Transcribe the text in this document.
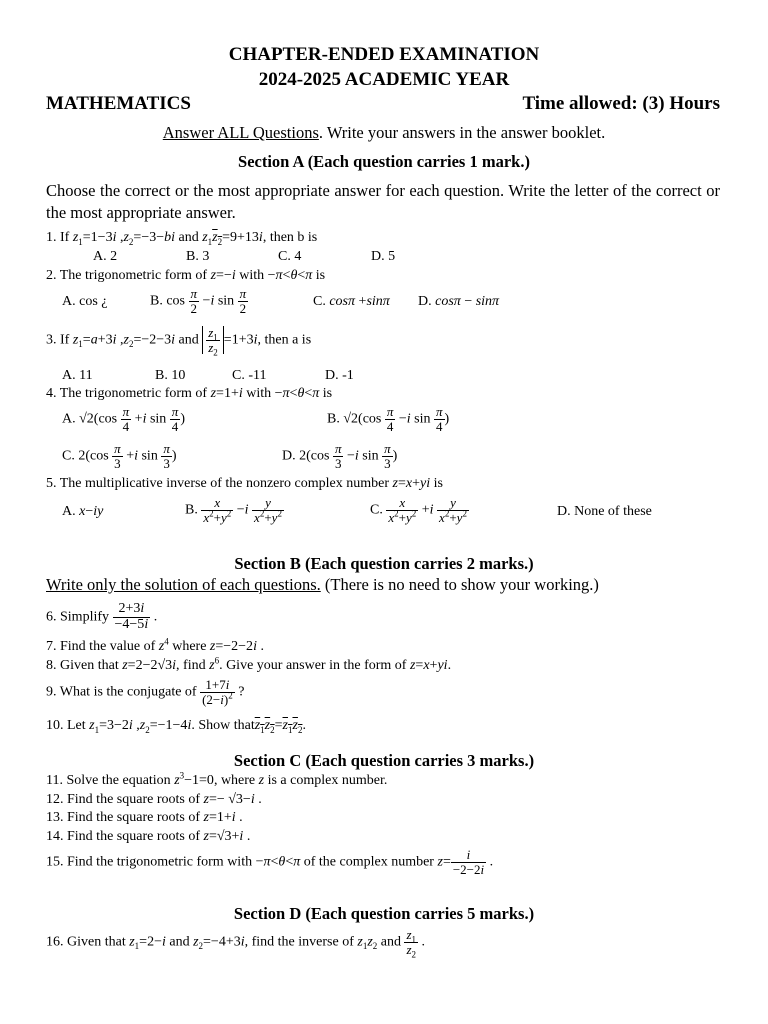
CHAPTER-ENDED EXAMINATION
2024-2025 ACADEMIC YEAR
MATHEMATICS	Time allowed: (3) Hours
Answer ALL Questions. Write your answers in the answer booklet.
Section A (Each question carries 1 mark.)
Choose the correct or the most appropriate answer for each question. Write the letter of the correct or the most appropriate answer.
1. If $z_1=1-3i$ $,z_2=-3-bi$ and $z_1z_2=9+13i$, then b is
A. 2	B. 3	C. 4	D. 5
2. The trigonometric form of z=−i with −π<θ<π is
A. cos ¿	B. $\cos \frac{\pi}{2} -i$ $\sin \frac{\pi}{2}$	C. cosπ +sinπ D. cosπ − sinπ
3. If $z_1=a+3i$ $,z_2=-2-3i$ and $\frac{z_1}{z_2} =1+3i$, then a is
A. 11	B. 10	C. -11	D. -1
4. The trigonometric form of z=1+i with −π<θ<π is
A. $√2(\cos \frac{\pi}{4} +i$ $\sin \frac{\pi}{4}$ )	B. $√2(\cos \frac{\pi}{4} -i$ $\sin \frac{\pi}{4}$ )
C. $2(\cos \frac{\pi}{3} +i$ $\sin \frac{\pi}{3}$ )	D. $2(\cos \frac{\pi}{3} -i$ $\sin \frac{\pi}{3}$ )
5. The multiplicative inverse of the nonzero complex number z=x+yi is
A. x−iy	B. $\frac{x}{x^2+y^2} -i \frac{y}{x^2+y^2}$	C. $\frac{x}{x^2+y^2} +i \frac{y}{x^2+y^2}$	D. None of these
Section B (Each question carries 2 marks.)
Write only the solution of each questions. (There is no need to show your working.)
6. Simplify $\frac{2+3i}{-4-5i}$ .
7. Find the value of $z^4$ where z=−2−2i .
8. Given that z=2−2√3i, find $z^6$. Give your answer in the form of z=x+yi.
9. What is the conjugate of $\frac{1+7i}{(2-i)^2}$ ?
10. Let $z_1=3-2i$ $,z_2=-1-4i$. Show $thatz_1z_2=z_1z_2$.
Section C (Each question carries 3 marks.)
11. Solve the equation $z^3-1=0$, where z is a complex number.
12. Find the square roots of z=− √3−i .
13. Find the square roots of z=1+i .
14. Find the square roots of z=√3+i .
15. Find the trigonometric form with −π<θ<π of the complex number $z= \frac{i}{-2-2i}$ .
Section D (Each question carries 5 marks.)
16. Given that $z_1=2-i$ and $z_2=-4+3i$, find the inverse of $z_1z_2$ and $\frac{z_1}{z_2}$ .
